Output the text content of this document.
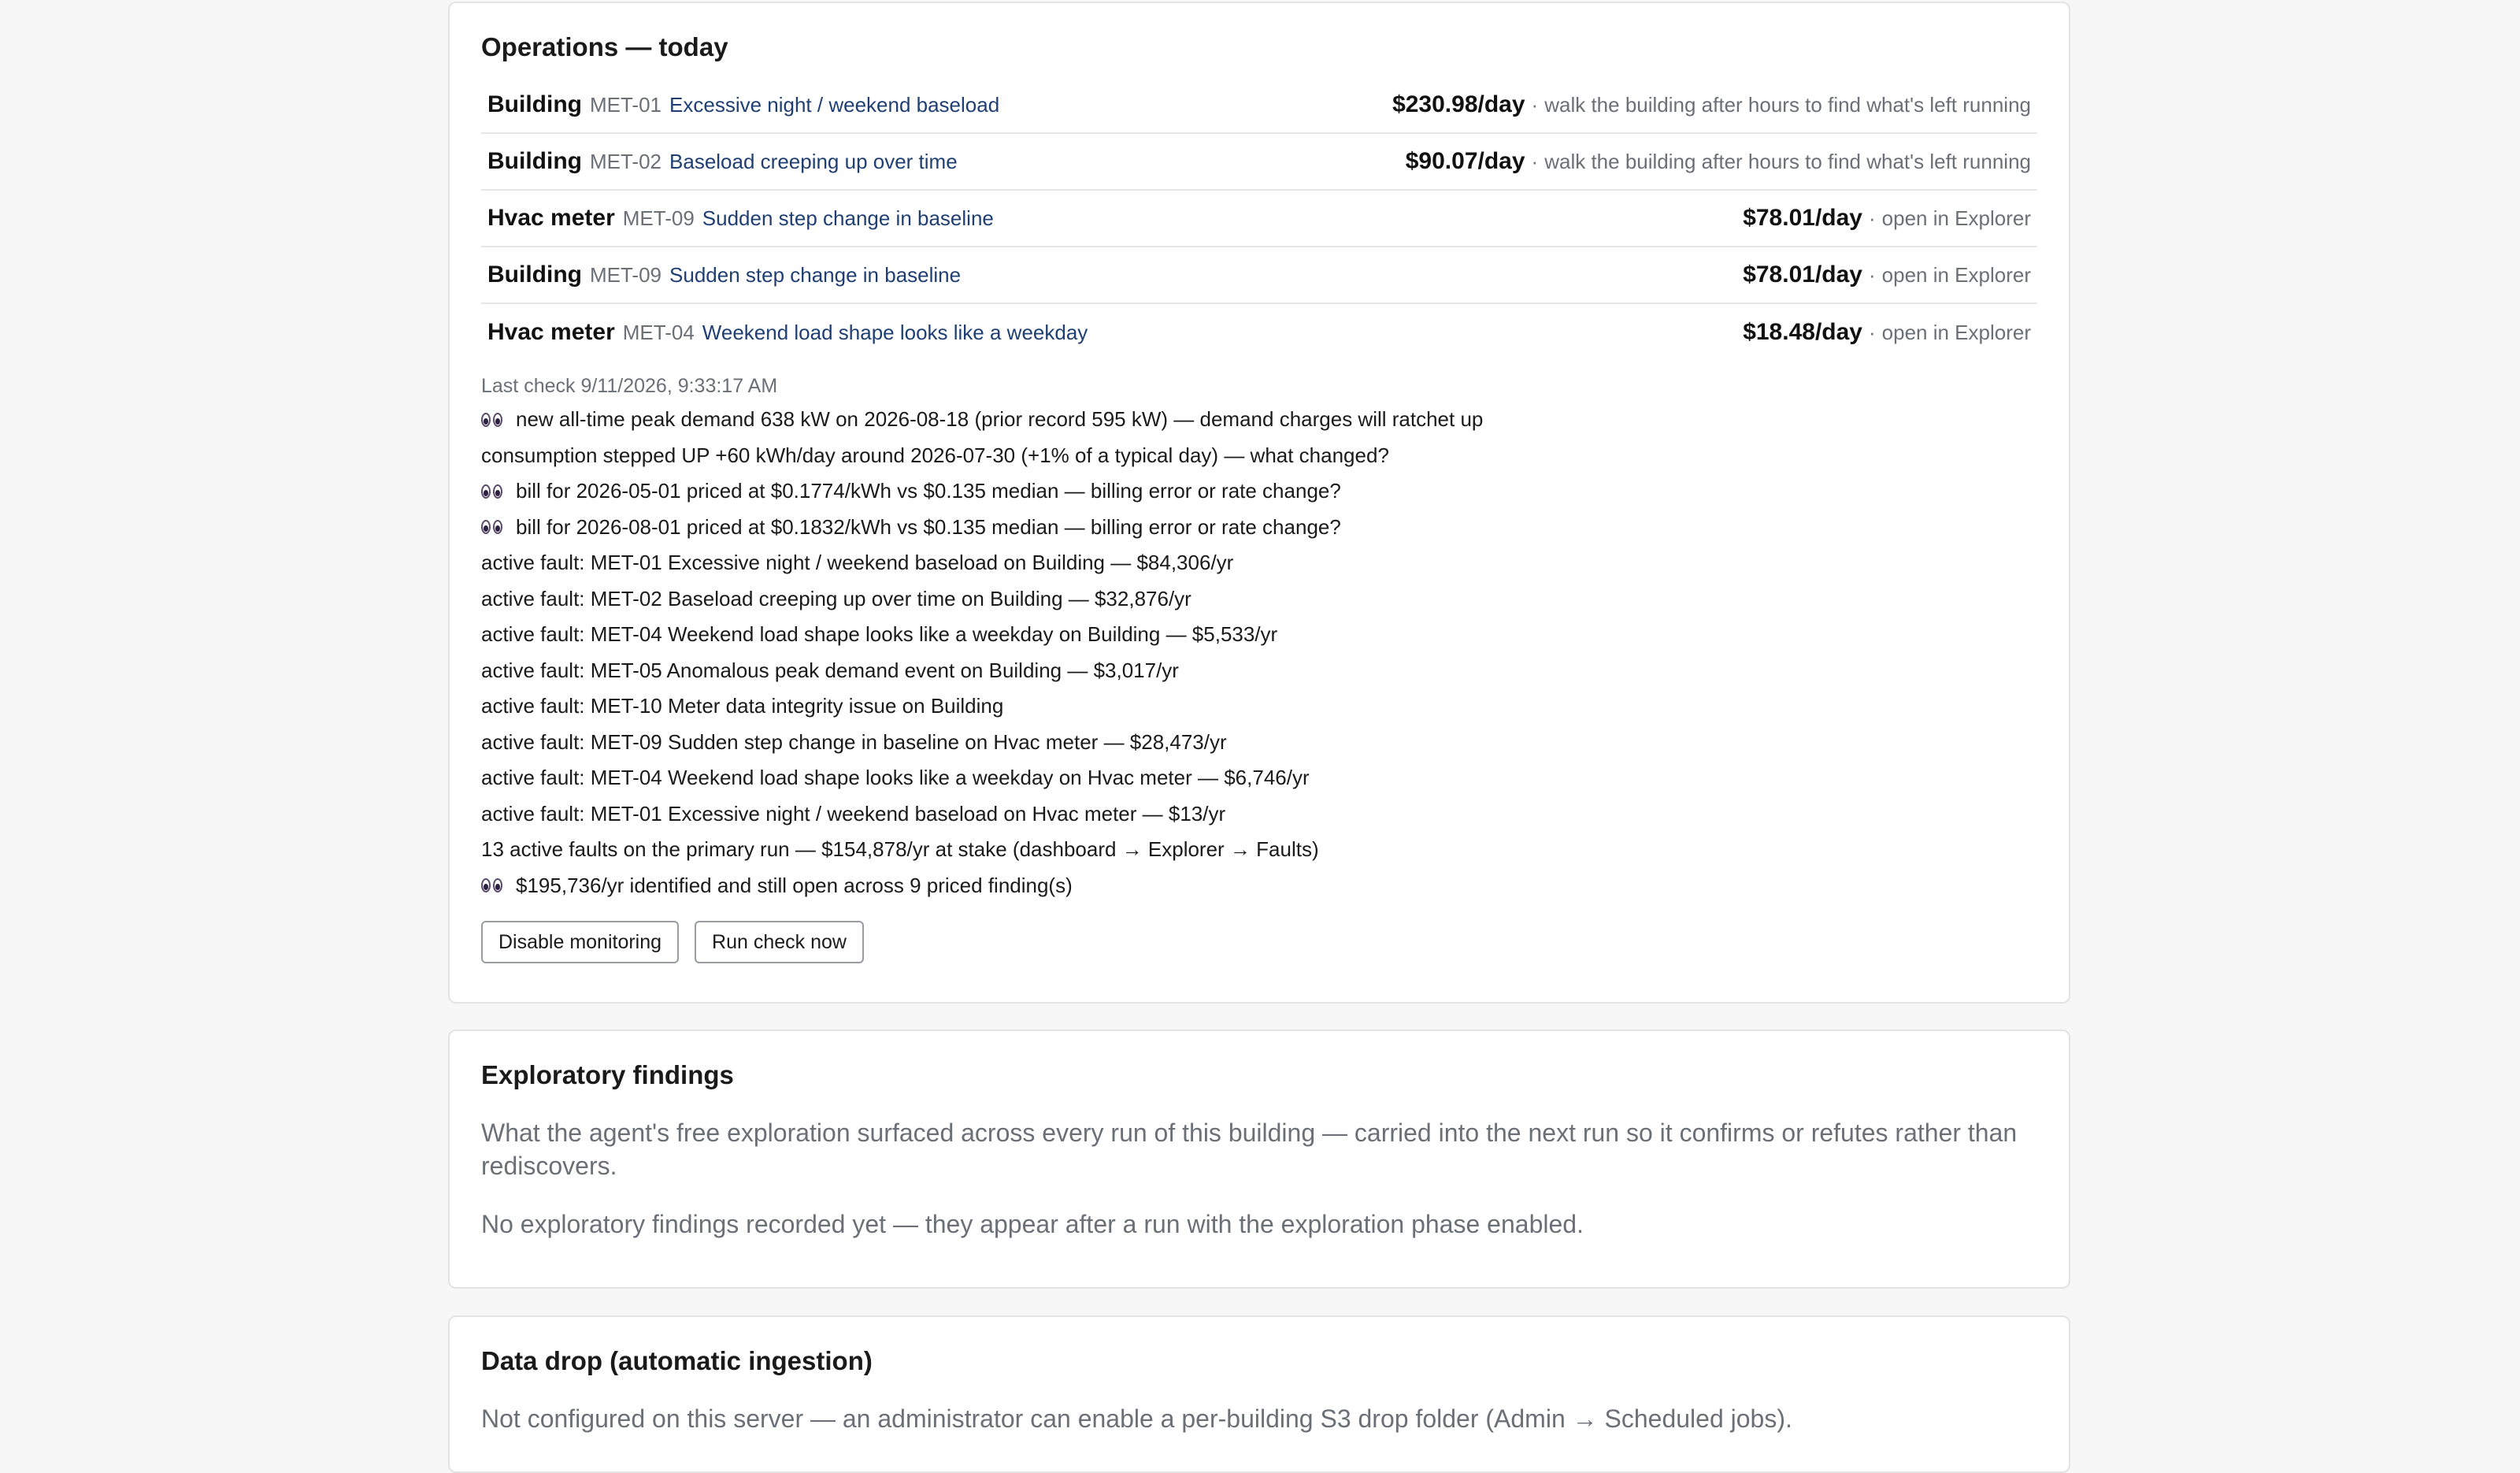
Operations — today
Building MET-01 Excessive night / weekend baseload	$230.98/day · walk the building after hours to find what's left running
Building MET-02 Baseload creeping up over time	$90.07/day · walk the building after hours to find what's left running
Hvac meter MET-09 Sudden step change in baseline	$78.01/day · open in Explorer
Building MET-09 Sudden step change in baseline	$78.01/day · open in Explorer
Hvac meter MET-04 Weekend load shape looks like a weekday	$18.48/day · open in Explorer
Last check 9/11/2026, 9:33:17 AM
new all-time peak demand 638 kW on 2026-08-18 (prior record 595 kW) — demand charges will ratchet up
consumption stepped UP +60 kWh/day around 2026-07-30 (+1% of a typical day) — what changed?
bill for 2026-05-01 priced at $0.1774/kWh vs $0.135 median — billing error or rate change?
bill for 2026-08-01 priced at $0.1832/kWh vs $0.135 median — billing error or rate change?
active fault: MET-01 Excessive night / weekend baseload on Building — $84,306/yr
active fault: MET-02 Baseload creeping up over time on Building — $32,876/yr
active fault: MET-04 Weekend load shape looks like a weekday on Building — $5,533/yr
active fault: MET-05 Anomalous peak demand event on Building — $3,017/yr
active fault: MET-10 Meter data integrity issue on Building
active fault: MET-09 Sudden step change in baseline on Hvac meter — $28,473/yr
active fault: MET-04 Weekend load shape looks like a weekday on Hvac meter — $6,746/yr
active fault: MET-01 Excessive night / weekend baseload on Hvac meter — $13/yr
13 active faults on the primary run — $154,878/yr at stake (dashboard → Explorer → Faults)
$195,736/yr identified and still open across 9 priced finding(s)
Disable monitoring	Run check now
Exploratory findings

What the agent's free exploration surfaced across every run of this building — carried into the next run so it confirms or refutes rather than rediscovers.

No exploratory findings recorded yet — they appear after a run with the exploration phase enabled.

Data drop (automatic ingestion)

Not configured on this server — an administrator can enable a per-building S3 drop folder (Admin → Scheduled jobs).
